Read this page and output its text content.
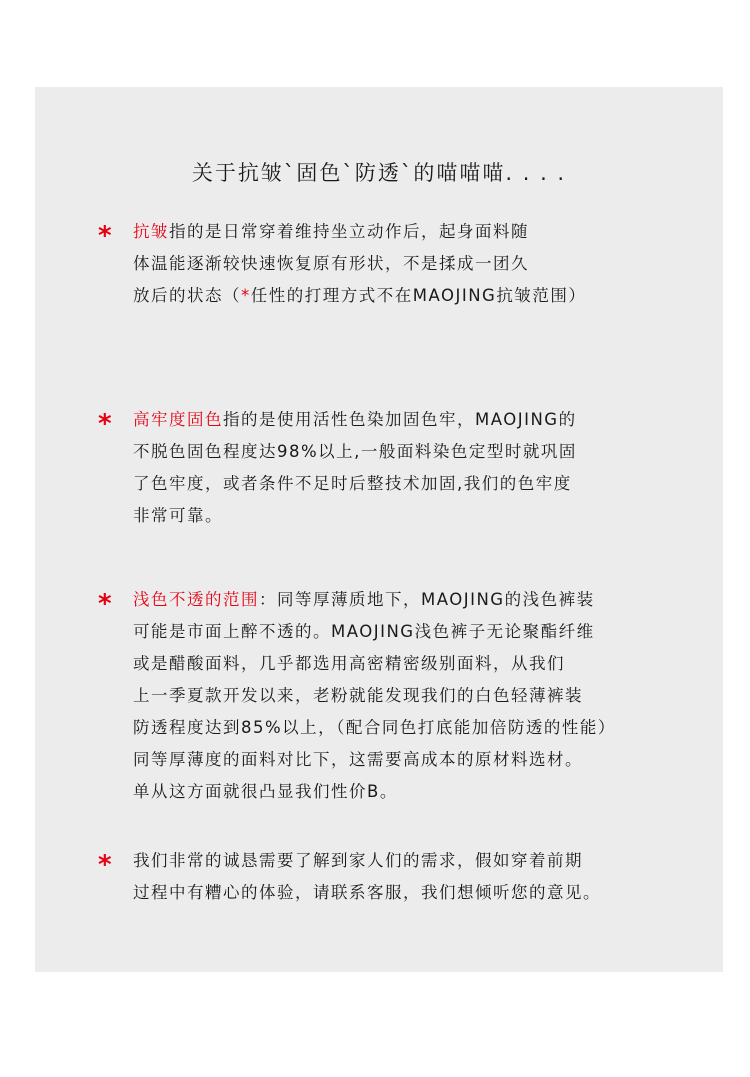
关于抗皱`固色`防透`的喵喵喵. . . .
* 抗皱指的是日常穿着维持坐立动作后，起身面料随
体温能逐渐较快速恢复原有形状，不是揉成一团久
放后的状态（*任性的打理方式不在MAOJING抗皱范围）
* 高牢度固色指的是使用活性色染加固色牢，MAOJING的
不脱色固色程度达98%以上,一般面料染色定型时就巩固
了色牢度，或者条件不足时后整技术加固,我们的色牢度
非常可靠。
* 浅色不透的范围：同等厚薄质地下，MAOJING的浅色裤装
可能是市面上醉不透的。MAOJING浅色裤子无论聚酯纤维
或是醋酸面料，几乎都选用高密精密级别面料，从我们
上一季夏款开发以来，老粉就能发现我们的白色轻薄裤装
防透程度达到85%以上，（配合同色打底能加倍防透的性能）
同等厚薄度的面料对比下，这需要高成本的原材料选材。
单从这方面就很凸显我们性价B。
* 我们非常的诚恳需要了解到家人们的需求，假如穿着前期
过程中有糟心的体验，请联系客服，我们想倾听您的意见。
